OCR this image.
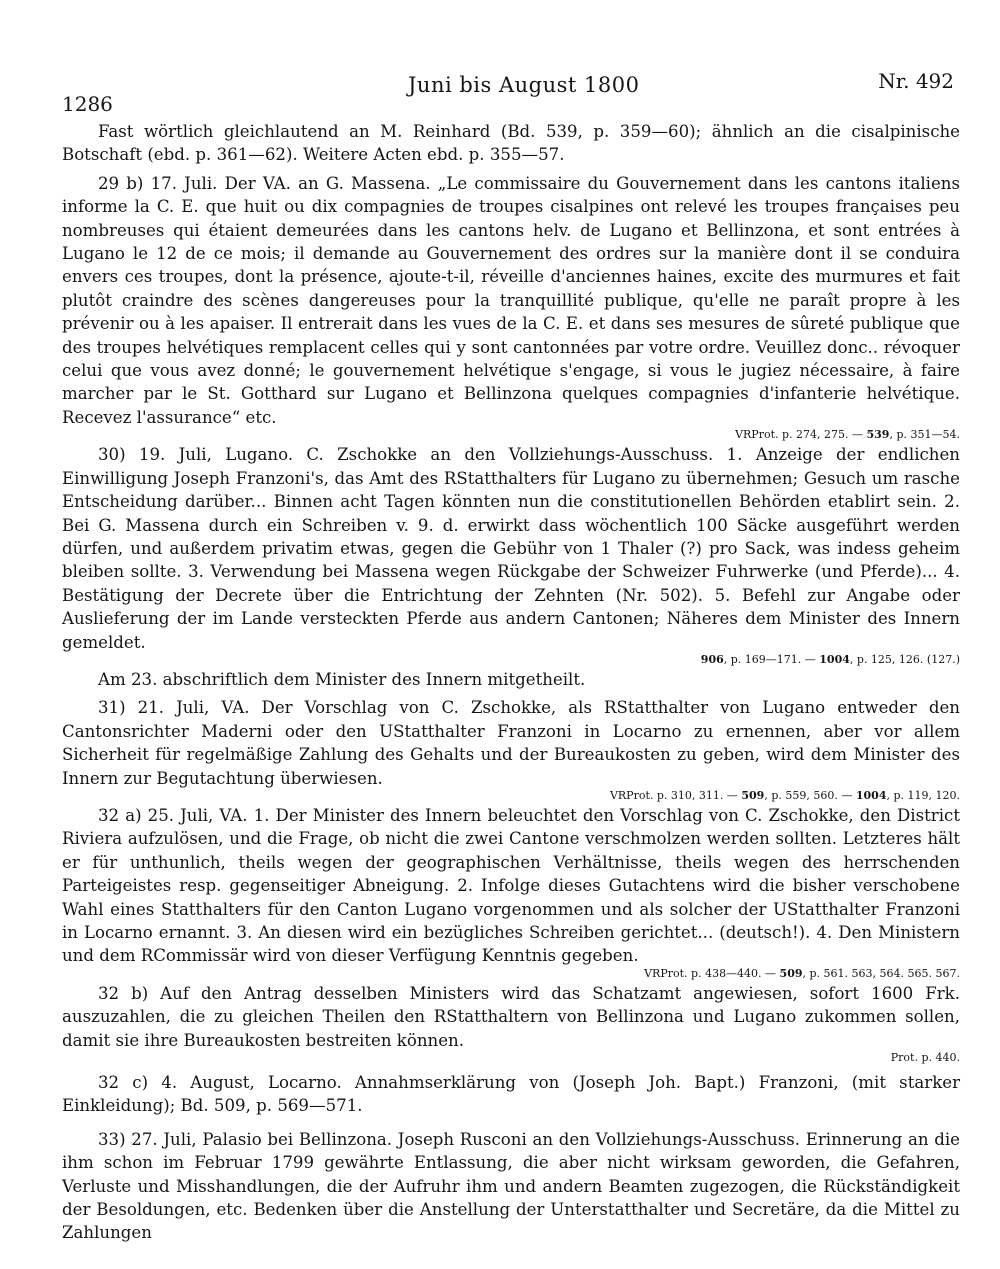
1286
Juni bis August 1800	Nr. 492

Fast wörtlich gleichlautend an M. Reinhard (Bd. 539, p. 359—60); ähnlich an die cisalpinische Botschaft (ebd. p. 361—62). Weitere Acten ebd. p. 355—57.

29 b) 17. Juli. Der VA. an G. Massena. „Le commissaire du Gouvernement dans les cantons italiens informe la C. E. que huit ou dix compagnies de troupes cisalpines ont relevé les troupes françaises peu nombreuses qui étaient demeurées dans les cantons helv. de Lugano et Bellinzona, et sont entrées à Lugano le 12 de ce mois; il demande au Gouvernement des ordres sur la manière dont il se conduira envers ces troupes, dont la présence, ajoute-t-il, réveille d'anciennes haines, excite des murmures et fait plutôt craindre des scènes dangereuses pour la tranquillité publique, qu'elle ne paraît propre à les prévenir ou à les apaiser. Il entrerait dans les vues de la C. E. et dans ses mesures de sûreté publique que des troupes helvétiques remplacent celles qui y sont cantonnées par votre ordre. Veuillez donc.. révoquer celui que vous avez donné; le gouvernement helvétique s'engage, si vous le jugiez nécessaire, à faire marcher par le St. Gotthard sur Lugano et Bellinzona quelques compagnies d'infanterie helvétique. Recevez l'assurance“ etc.

VRProt. p. 274, 275. — 539, p. 351—54.

30) 19. Juli, Lugano. C. Zschokke an den Vollziehungs-Ausschuss. 1. Anzeige der endlichen Einwilligung Joseph Franzoni's, das Amt des RStatthalters für Lugano zu übernehmen; Gesuch um rasche Entscheidung darüber... Binnen acht Tagen könnten nun die constitutionellen Behörden etablirt sein. 2. Bei G. Massena durch ein Schreiben v. 9. d. erwirkt dass wöchentlich 100 Säcke ausgeführt werden dürfen, und außerdem privatim etwas, gegen die Gebühr von 1 Thaler (?) pro Sack, was indess geheim bleiben sollte. 3. Verwendung bei Massena wegen Rückgabe der Schweizer Fuhrwerke (und Pferde)... 4. Bestätigung der Decrete über die Entrichtung der Zehnten (Nr. 502). 5. Befehl zur Angabe oder Auslieferung der im Lande versteckten Pferde aus andern Cantonen; Näheres dem Minister des Innern gemeldet.

906, p. 169—171. — 1004, p. 125, 126. (127.)

Am 23. abschriftlich dem Minister des Innern mitgetheilt.

31) 21. Juli, VA. Der Vorschlag von C. Zschokke, als RStatthalter von Lugano entweder den Cantonsrichter Maderni oder den UStatthalter Franzoni in Locarno zu ernennen, aber vor allem Sicherheit für regelmäßige Zahlung des Gehalts und der Bureaukosten zu geben, wird dem Minister des Innern zur Begutachtung überwiesen.

VRProt. p. 310, 311. — 509, p. 559, 560. — 1004, p. 119, 120.

32 a) 25. Juli, VA. 1. Der Minister des Innern beleuchtet den Vorschlag von C. Zschokke, den District Riviera aufzulösen, und die Frage, ob nicht die zwei Cantone verschmolzen werden sollten. Letzteres hält er für unthunlich, theils wegen der geographischen Verhältnisse, theils wegen des herrschenden Parteigeistes resp. gegenseitiger Abneigung. 2. Infolge dieses Gutachtens wird die bisher verschobene Wahl eines Statthalters für den Canton Lugano vorgenommen und als solcher der UStatthalter Franzoni in Locarno ernannt. 3. An diesen wird ein bezügliches Schreiben gerichtet... (deutsch!). 4. Den Ministern und dem RCommissär wird von dieser Verfügung Kenntnis gegeben.

VRProt. p. 438—440. — 509, p. 561. 563, 564. 565. 567.

32 b) Auf den Antrag desselben Ministers wird das Schatzamt angewiesen, sofort 1600 Frk. auszuzahlen, die zu gleichen Theilen den RStatthaltern von Bellinzona und Lugano zukommen sollen, damit sie ihre Bureaukosten bestreiten können.

Prot. p. 440.

32 c) 4. August, Locarno. Annahmserklärung von (Joseph Joh. Bapt.) Franzoni, (mit starker Einkleidung); Bd. 509, p. 569—571.

33) 27. Juli, Palasio bei Bellinzona. Joseph Rusconi an den Vollziehungs-Ausschuss. Erinnerung an die ihm schon im Februar 1799 gewährte Entlassung, die aber nicht wirksam geworden, die Gefahren, Verluste und Misshandlungen, die der Aufruhr ihm und andern Beamten zugezogen, die Rückständigkeit der Besoldungen, etc. Bedenken über die Anstellung der Unterstatthalter und Secretäre, da die Mittel zu Zahlungen
